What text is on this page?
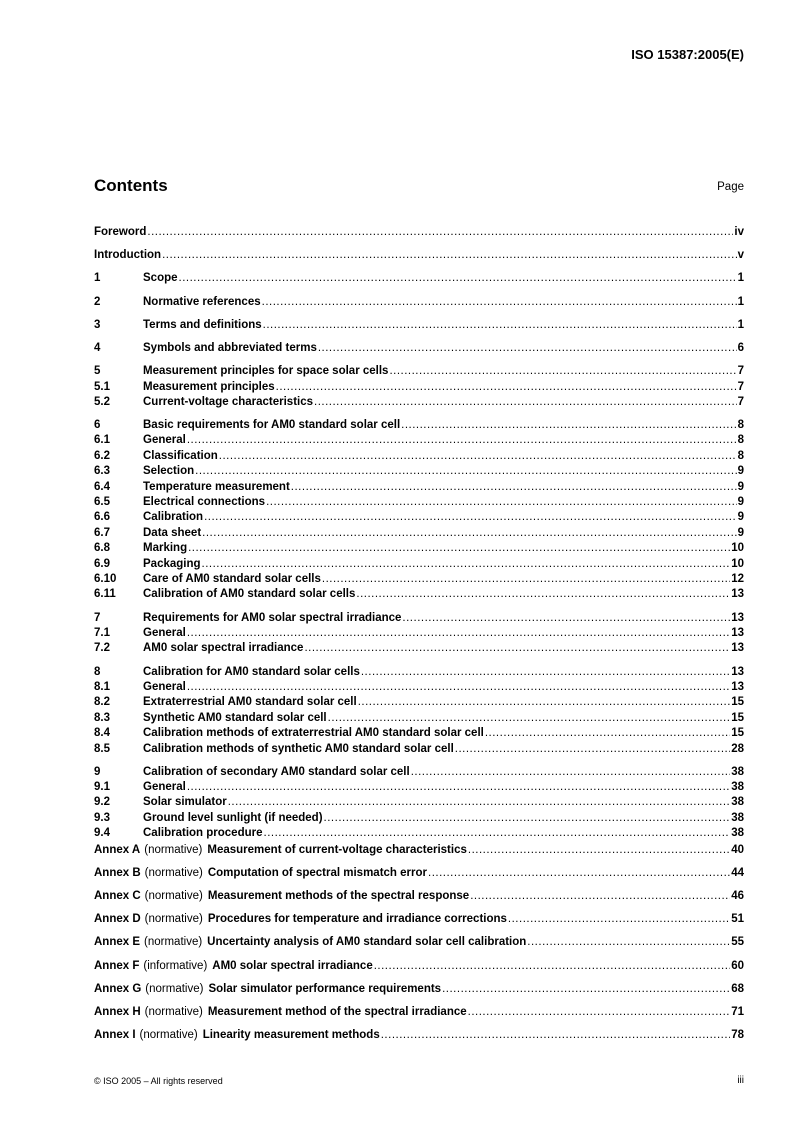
ISO 15387:2005(E)
Contents	Page
Foreword .....	iv
Introduction .....	v
1	Scope .....	1
2	Normative references .....	1
3	Terms and definitions .....	1
4	Symbols and abbreviated terms .....	6
5	Measurement principles for space solar cells .....	7
5.1	Measurement principles .....	7
5.2	Current-voltage characteristics .....	7
6	Basic requirements for AM0 standard solar cell .....	8
6.1	General .....	8
6.2	Classification .....	8
6.3	Selection .....	9
6.4	Temperature measurement .....	9
6.5	Electrical connections .....	9
6.6	Calibration .....	9
6.7	Data sheet .....	9
6.8	Marking .....	10
6.9	Packaging .....	10
6.10	Care of AM0 standard solar cells .....	12
6.11	Calibration of AM0 standard solar cells .....	13
7	Requirements for AM0 solar spectral irradiance .....	13
7.1	General .....	13
7.2	AM0 solar spectral irradiance .....	13
8	Calibration for AM0 standard solar cells .....	13
8.1	General .....	13
8.2	Extraterrestrial AM0 standard solar cell .....	15
8.3	Synthetic AM0 standard solar cell .....	15
8.4	Calibration methods of extraterrestrial AM0 standard solar cell .....	15
8.5	Calibration methods of synthetic AM0 standard solar cell .....	28
9	Calibration of secondary AM0 standard solar cell .....	38
9.1	General .....	38
9.2	Solar simulator .....	38
9.3	Ground level sunlight (if needed) .....	38
9.4	Calibration procedure .....	38
Annex A (normative) Measurement of current-voltage characteristics .....	40
Annex B (normative) Computation of spectral mismatch error .....	44
Annex C (normative) Measurement methods of the spectral response .....	46
Annex D (normative) Procedures for temperature and irradiance corrections .....	51
Annex E (normative) Uncertainty analysis of AM0 standard solar cell calibration .....	55
Annex F (informative) AM0 solar spectral irradiance .....	60
Annex G (normative) Solar simulator performance requirements .....	68
Annex H (normative) Measurement method of the spectral irradiance .....	71
Annex I (normative) Linearity measurement methods .....	78
© ISO 2005 – All rights reserved	iii
